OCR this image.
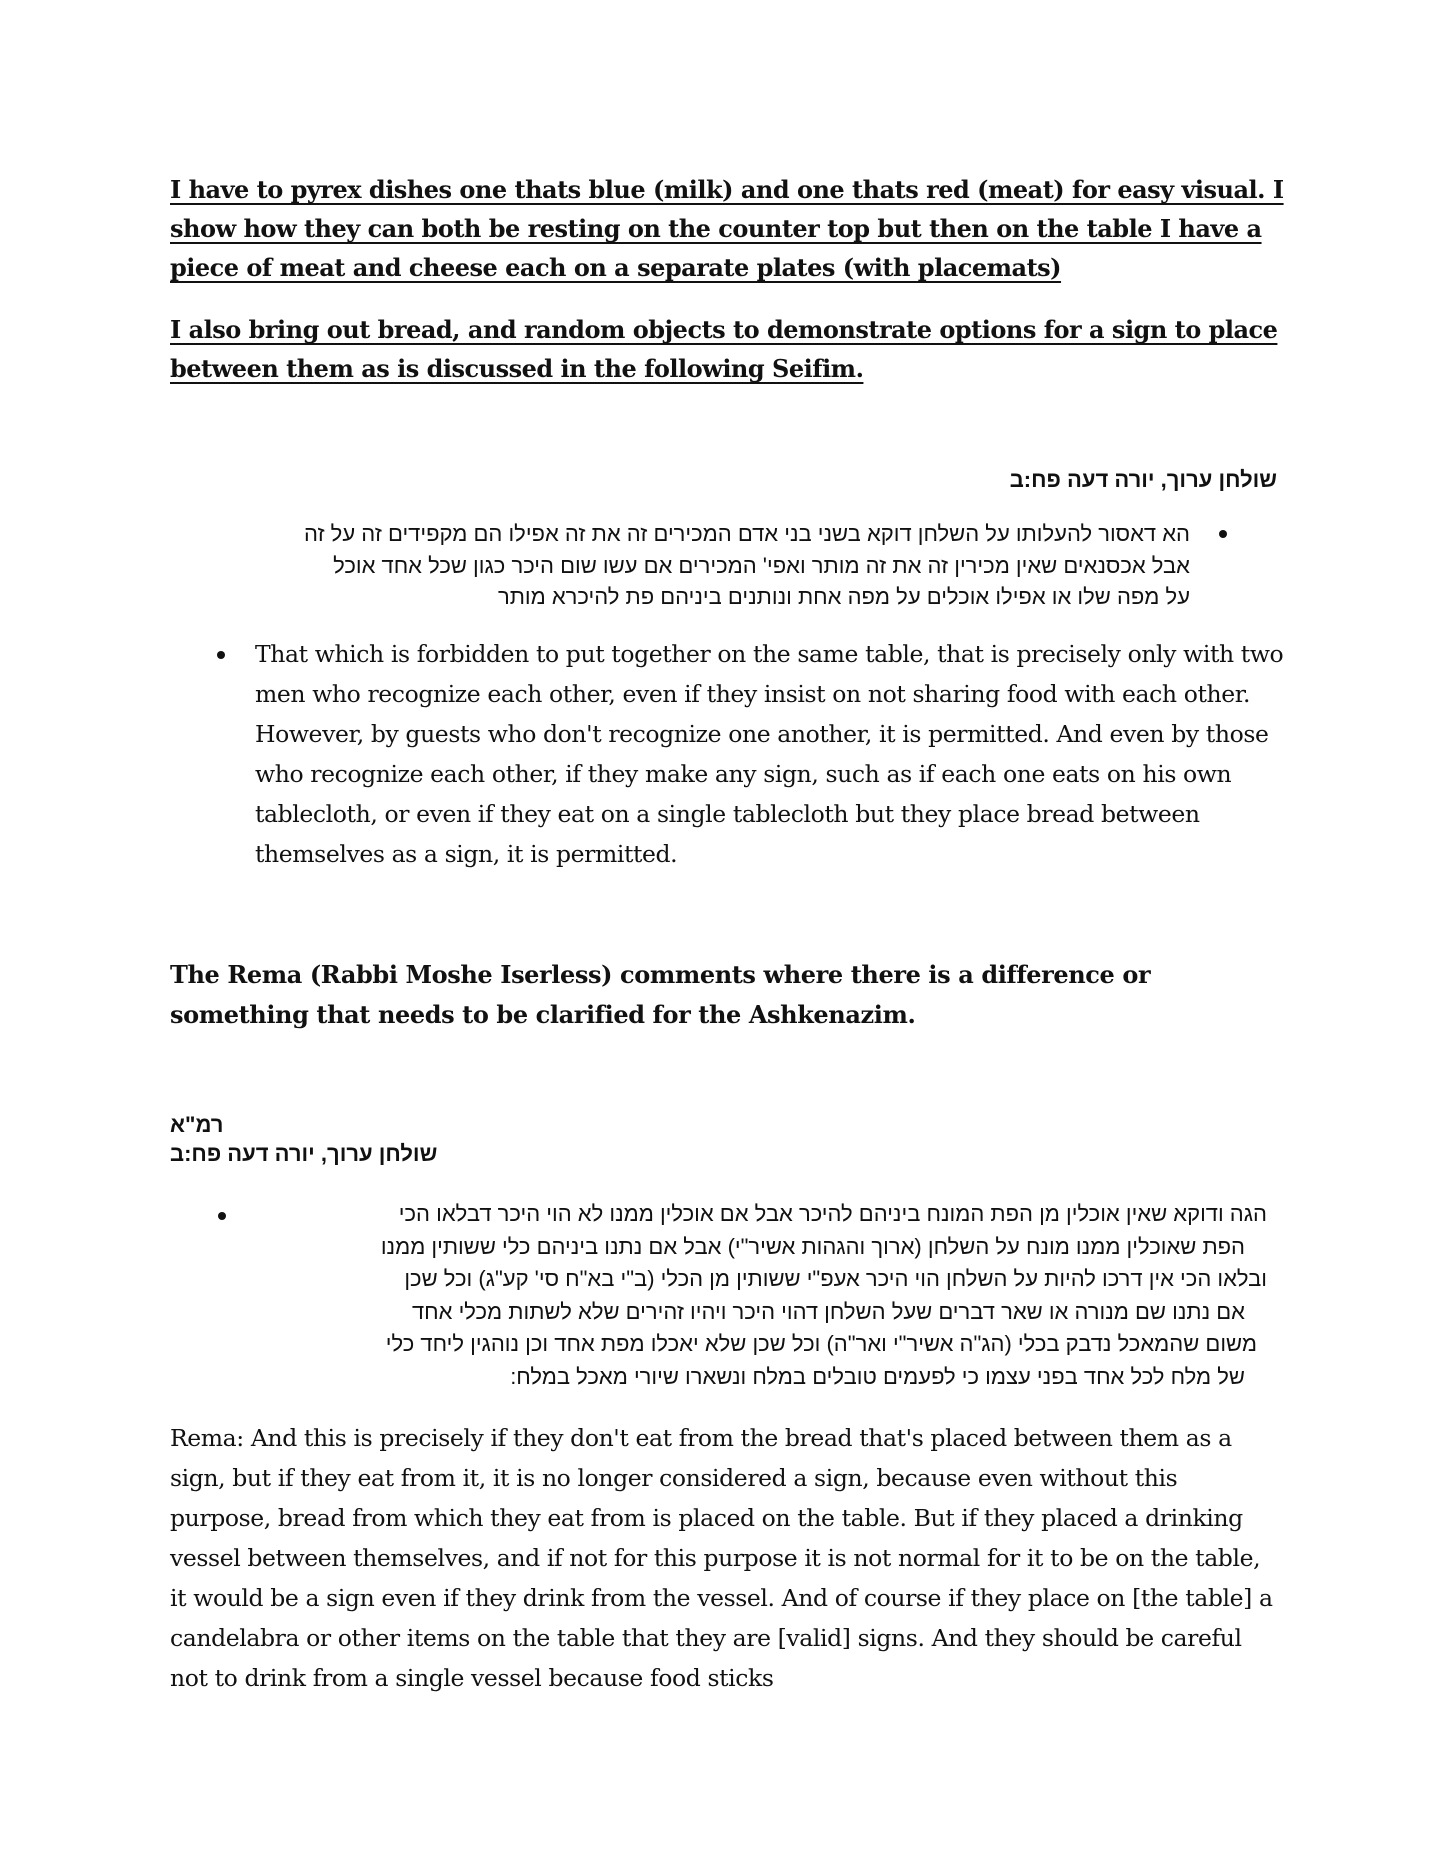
I have to pyrex dishes one thats blue (milk) and one thats red (meat) for easy visual. I show how they can both be resting on the counter top but then on the table I have a piece of meat and cheese each on a separate plates (with placemats)

I also bring out bread, and random objects to demonstrate options for a sign to place between them as is discussed in the following Seifim.

שולחן ערוך, יורה דעה פח:ב
הא דאסור להעלותו על השלחן דוקא בשני בני אדם המכירים זה את זה אפילו הם מקפידים זה על זה
אבל אכסנאים שאין מכירין זה את זה מותר ואפי' המכירים אם עשו שום היכר כגון שכל אחד אוכל
על מפה שלו או אפילו אוכלים על מפה אחת ונותנים ביניהם פת להיכרא מותר
That which is forbidden to put together on the same table, that is precisely only with two men who recognize each other, even if they insist on not sharing food with each other. However, by guests who don't recognize one another, it is permitted. And even by those who recognize each other, if they make any sign, such as if each one eats on his own tablecloth, or even if they eat on a single tablecloth but they place bread between themselves as a sign, it is permitted.

The Rema (Rabbi Moshe Iserless) comments where there is a difference or something that needs to be clarified for the Ashkenazim.

רמ"א
שולחן ערוך, יורה דעה פח:ב
הגה ודוקא שאין אוכלין מן הפת המונח ביניהם להיכר אבל אם אוכלין ממנו לא הוי היכר דבלאו הכי
הפת שאוכלין ממנו מונח על השלחן (ארוך והגהות אשיר"י) אבל אם נתנו ביניהם כלי ששותין ממנו
ובלאו הכי אין דרכו להיות על השלחן הוי היכר אעפ"י ששותין מן הכלי (ב"י בא"ח סי' קע"ג) וכל שכן
אם נתנו שם מנורה או שאר דברים שעל השלחן דהוי היכר ויהיו זהירים שלא לשתות מכלי אחד
משום שהמאכל נדבק בכלי (הג"ה אשיר"י ואר"ה) וכל שכן שלא יאכלו מפת אחד וכן נוהגין ליחד כלי
של מלח לכל אחד בפני עצמו כי לפעמים טובלים במלח ונשארו שיורי מאכל במלח:

Rema: And this is precisely if they don't eat from the bread that's placed between them as a sign, but if they eat from it, it is no longer considered a sign, because even without this purpose, bread from which they eat from is placed on the table. But if they placed a drinking vessel between themselves, and if not for this purpose it is not normal for it to be on the table, it would be a sign even if they drink from the vessel. And of course if they place on [the table] a candelabra or other items on the table that they are [valid] signs. And they should be careful not to drink from a single vessel because food sticks
